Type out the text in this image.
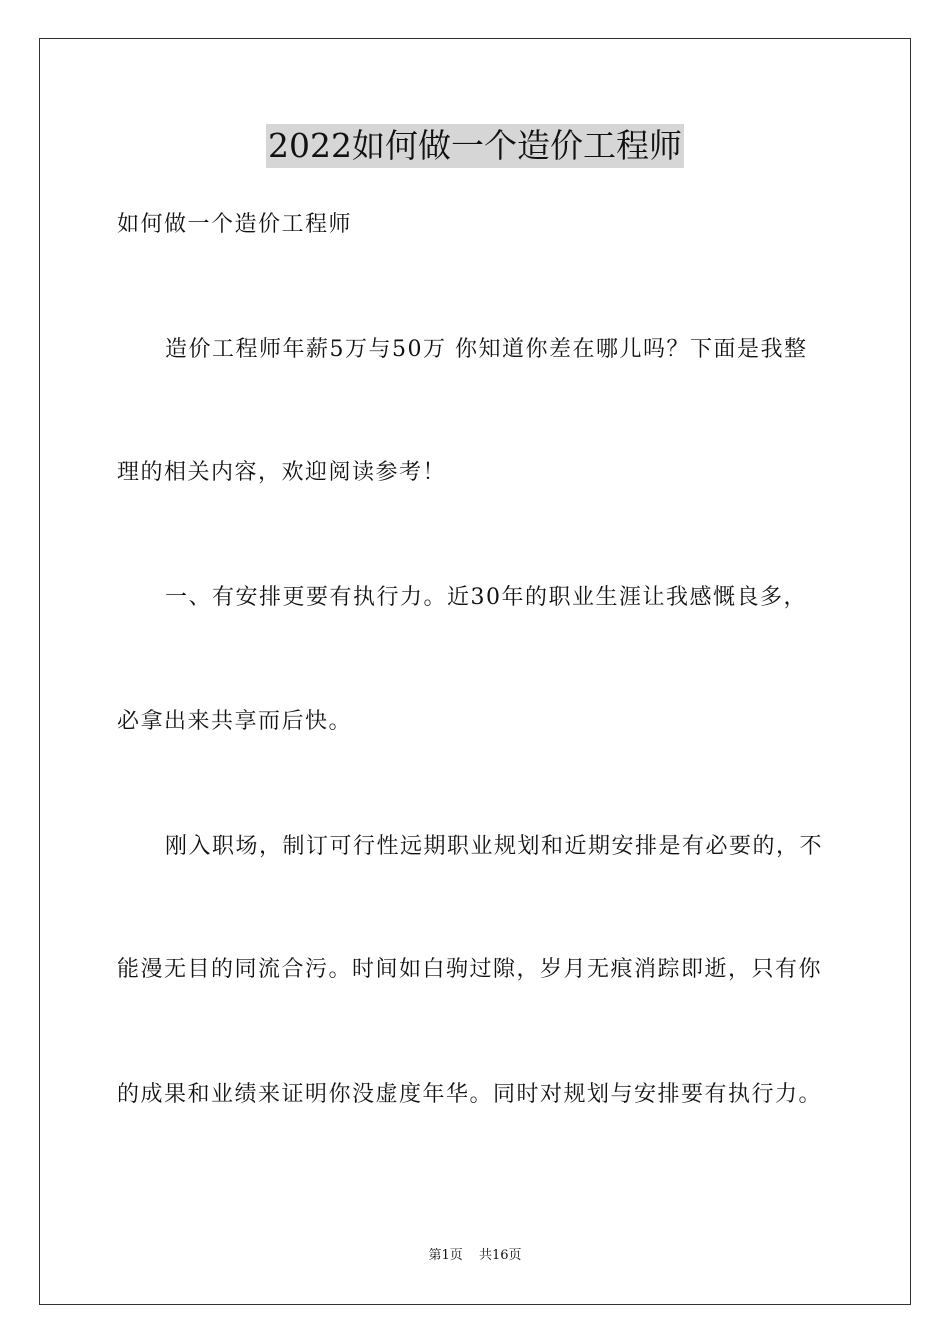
2022如何做一个造价工程师
如何做一个造价工程师
造价工程师年薪5万与50万 你知道你差在哪儿吗？下面是我整
理的相关内容，欢迎阅读参考！
一、有安排更要有执行力。近30年的职业生涯让我感慨良多，
必拿出来共享而后快。
刚入职场，制订可行性远期职业规划和近期安排是有必要的，不
能漫无目的同流合污。时间如白驹过隙，岁月无痕消踪即逝，只有你
的成果和业绩来证明你没虚度年华。同时对规划与安排要有执行力。
第1页 共16页
